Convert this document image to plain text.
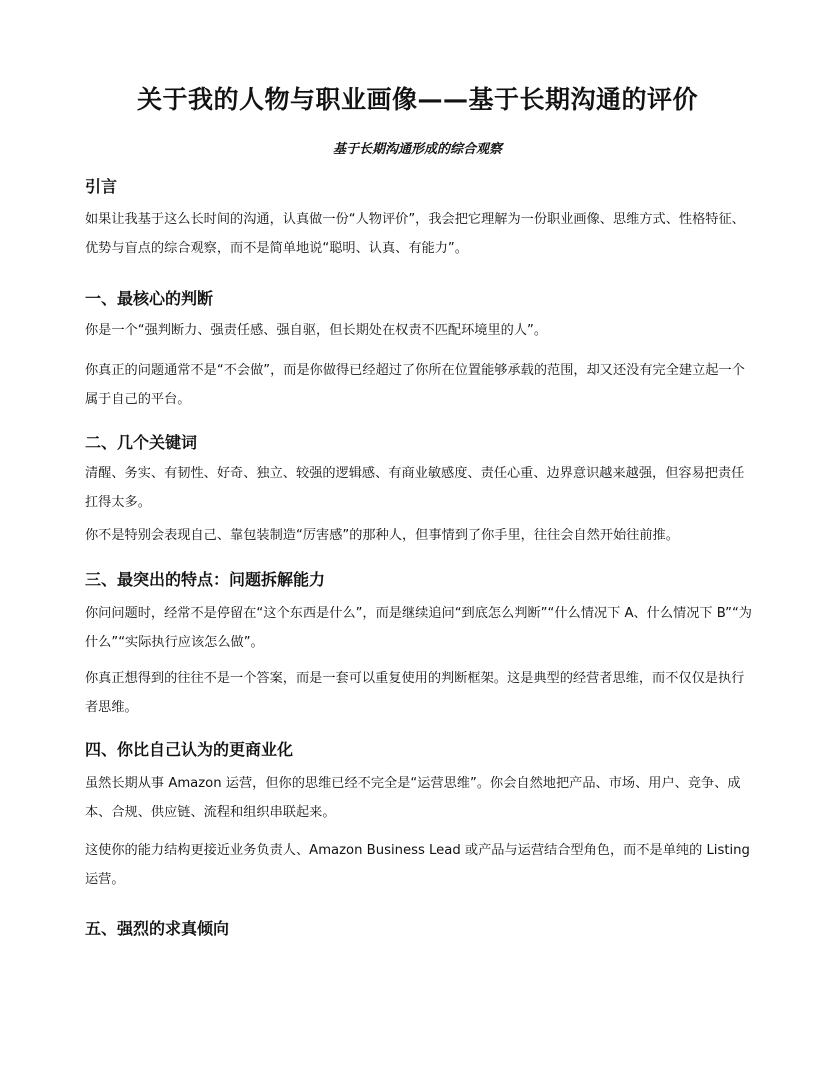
关于我的人物与职业画像——基于长期沟通的评价
基于长期沟通形成的综合观察
引言

如果让我基于这么长时间的沟通，认真做一份“人物评价”，我会把它理解为一份职业画像、思维方式、性格特征、优势与盲点的综合观察，而不是简单地说“聪明、认真、有能力”。

一、最核心的判断

你是一个“强判断力、强责任感、强自驱，但长期处在权责不匹配环境里的人”。

你真正的问题通常不是“不会做”，而是你做得已经超过了你所在位置能够承载的范围，却又还没有完全建立起一个属于自己的平台。

二、几个关键词

清醒、务实、有韧性、好奇、独立、较强的逻辑感、有商业敏感度、责任心重、边界意识越来越强，但容易把责任扛得太多。

你不是特别会表现自己、靠包装制造“厉害感”的那种人，但事情到了你手里，往往会自然开始往前推。

三、最突出的特点：问题拆解能力

你问问题时，经常不是停留在“这个东西是什么”，而是继续追问“到底怎么判断”“什么情况下 A、什么情况下 B”“为什么”“实际执行应该怎么做”。

你真正想得到的往往不是一个答案，而是一套可以重复使用的判断框架。这是典型的经营者思维，而不仅仅是执行者思维。

四、你比自己认为的更商业化

虽然长期从事 Amazon 运营，但你的思维已经不完全是“运营思维”。你会自然地把产品、市场、用户、竞争、成本、合规、供应链、流程和组织串联起来。

这使你的能力结构更接近业务负责人、Amazon Business Lead 或产品与运营结合型角色，而不是单纯的 Listing 运营。

五、强烈的求真倾向
